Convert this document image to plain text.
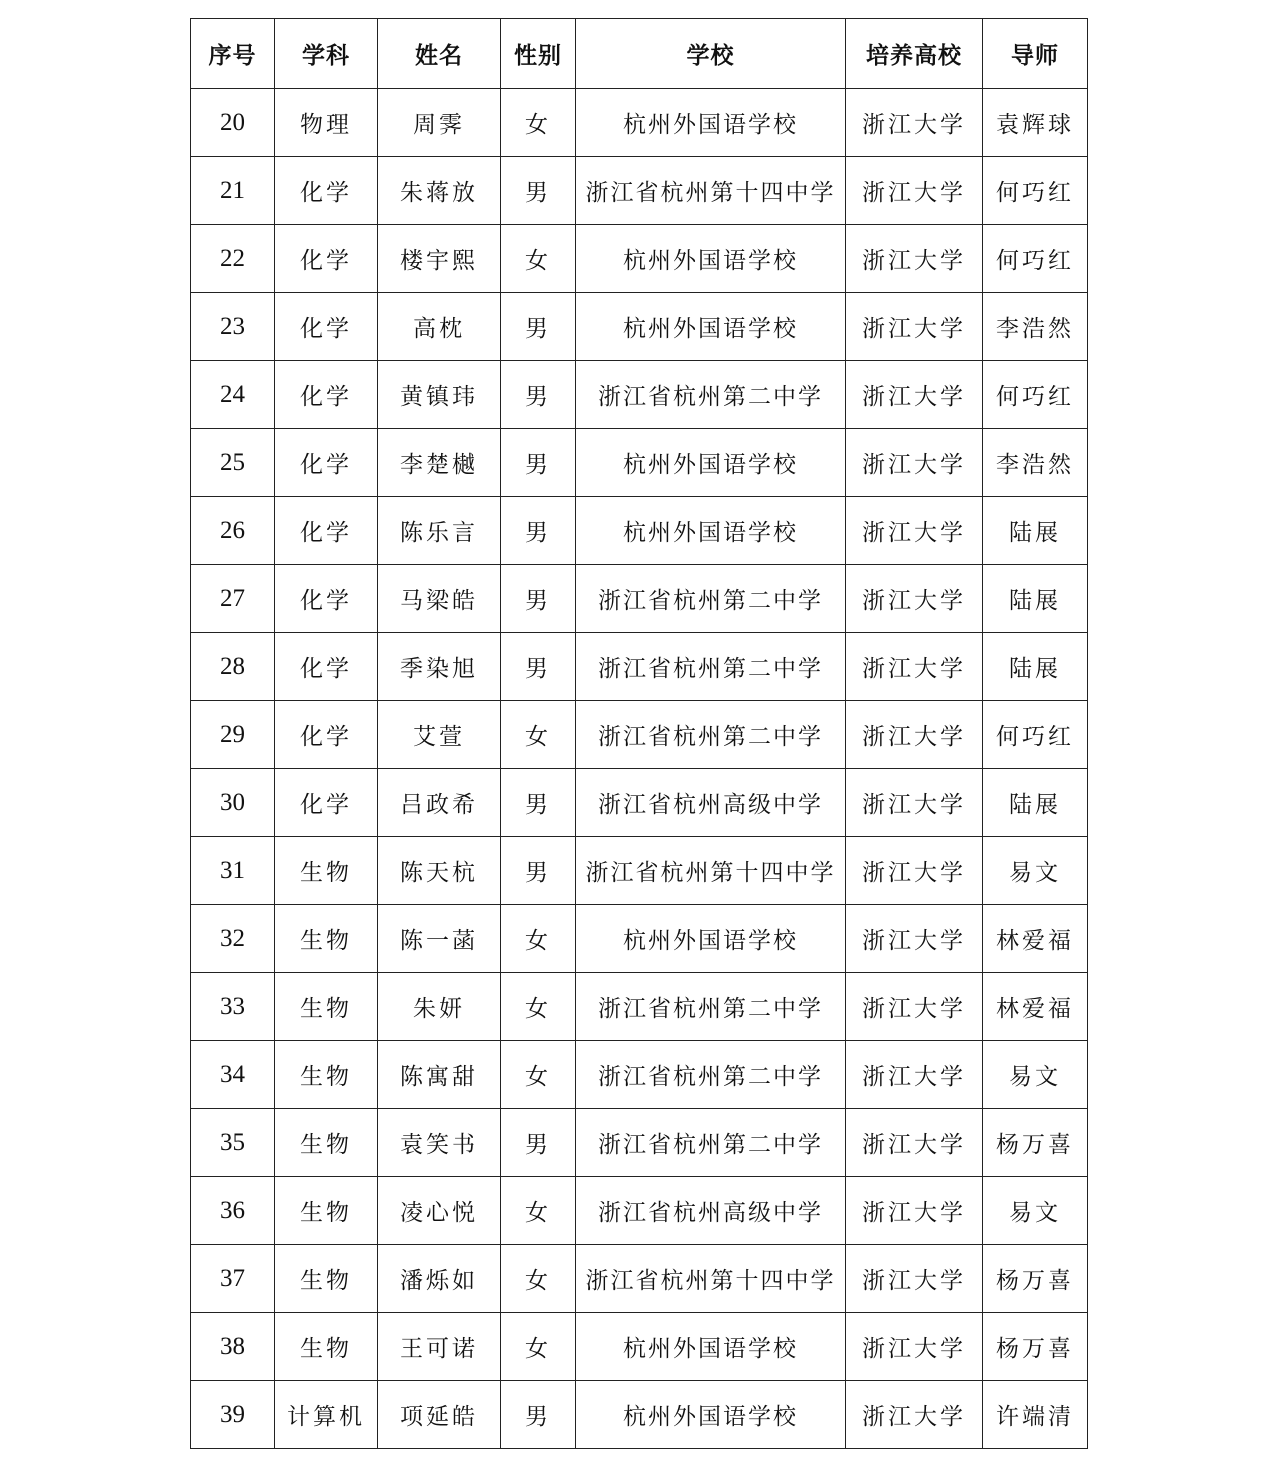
序号	学科	姓名	性别	学校	培养高校	导师
20	物理	周霁	女	杭州外国语学校	浙江大学	袁辉球
21	化学	朱蒋放	男	浙江省杭州第十四中学	浙江大学	何巧红
22	化学	楼宇熙	女	杭州外国语学校	浙江大学	何巧红
23	化学	高枕	男	杭州外国语学校	浙江大学	李浩然
24	化学	黄镇玮	男	浙江省杭州第二中学	浙江大学	何巧红
25	化学	李楚樾	男	杭州外国语学校	浙江大学	李浩然
26	化学	陈乐言	男	杭州外国语学校	浙江大学	陆展
27	化学	马梁皓	男	浙江省杭州第二中学	浙江大学	陆展
28	化学	季染旭	男	浙江省杭州第二中学	浙江大学	陆展
29	化学	艾萱	女	浙江省杭州第二中学	浙江大学	何巧红
30	化学	吕政希	男	浙江省杭州高级中学	浙江大学	陆展
31	生物	陈天杭	男	浙江省杭州第十四中学	浙江大学	易文
32	生物	陈一菡	女	杭州外国语学校	浙江大学	林爱福
33	生物	朱妍	女	浙江省杭州第二中学	浙江大学	林爱福
34	生物	陈寓甜	女	浙江省杭州第二中学	浙江大学	易文
35	生物	袁笑书	男	浙江省杭州第二中学	浙江大学	杨万喜
36	生物	凌心悦	女	浙江省杭州高级中学	浙江大学	易文
37	生物	潘烁如	女	浙江省杭州第十四中学	浙江大学	杨万喜
38	生物	王可诺	女	杭州外国语学校	浙江大学	杨万喜
39	计算机	项延皓	男	杭州外国语学校	浙江大学	许端清
